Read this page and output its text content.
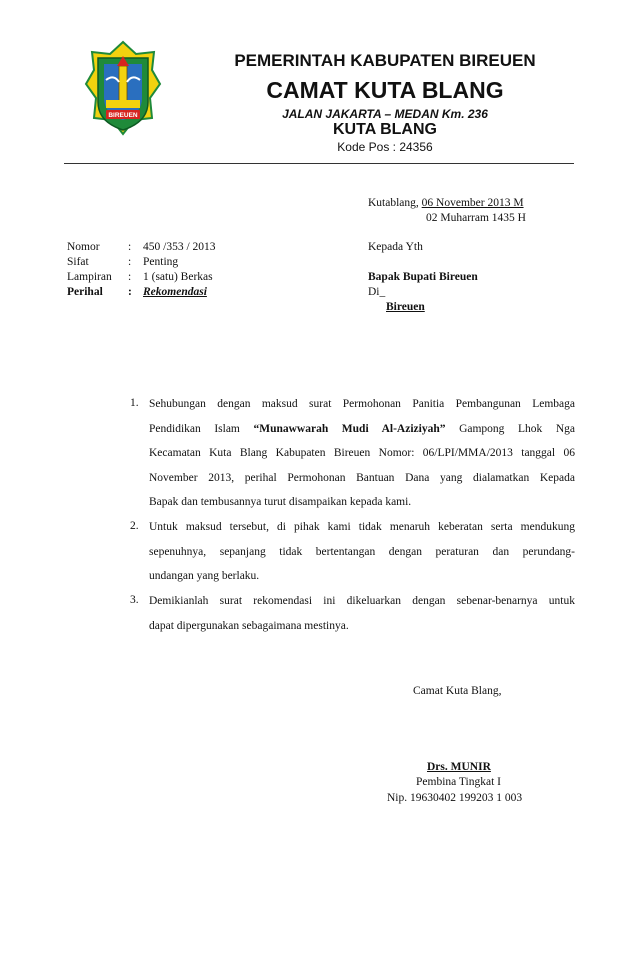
BIREUEN
PEMERINTAH KABUPATEN BIREUEN
CAMAT KUTA BLANG
JALAN JAKARTA – MEDAN Km. 236
KUTA BLANG
Kode Pos : 24356
Kutablang, 06 November 2013 M
02 Muharram 1435 H
Nomor : 450 /353 / 2013
Sifat	: Penting
Lampiran : 1 (satu) Berkas
Perihal : Rekomendasi
Kepada Yth
Bapak Bupati Bireuen
Di_
Bireuen
1. Sehubungan dengan maksud surat Permohonan Panitia Pembangunan Lembaga
Pendidikan Islam “Munawwarah Mudi Al-Aziziyah” Gampong Lhok Nga
Kecamatan Kuta Blang Kabupaten Bireuen Nomor: 06/LPI/MMA/2013 tanggal 06
November 2013, perihal Permohonan Bantuan Dana yang dialamatkan Kepada
Bapak dan tembusannya turut disampaikan kepada kami.
2. Untuk maksud tersebut, di pihak kami tidak menaruh keberatan serta mendukung
sepenuhnya, sepanjang tidak bertentangan dengan peraturan dan perundang-
undangan yang berlaku.
3. Demikianlah surat rekomendasi ini dikeluarkan dengan sebenar-benarnya untuk
dapat dipergunakan sebagaimana mestinya.
Camat Kuta Blang,
Drs. MUNIR
Pembina Tingkat I
Nip. 19630402 199203 1 003
